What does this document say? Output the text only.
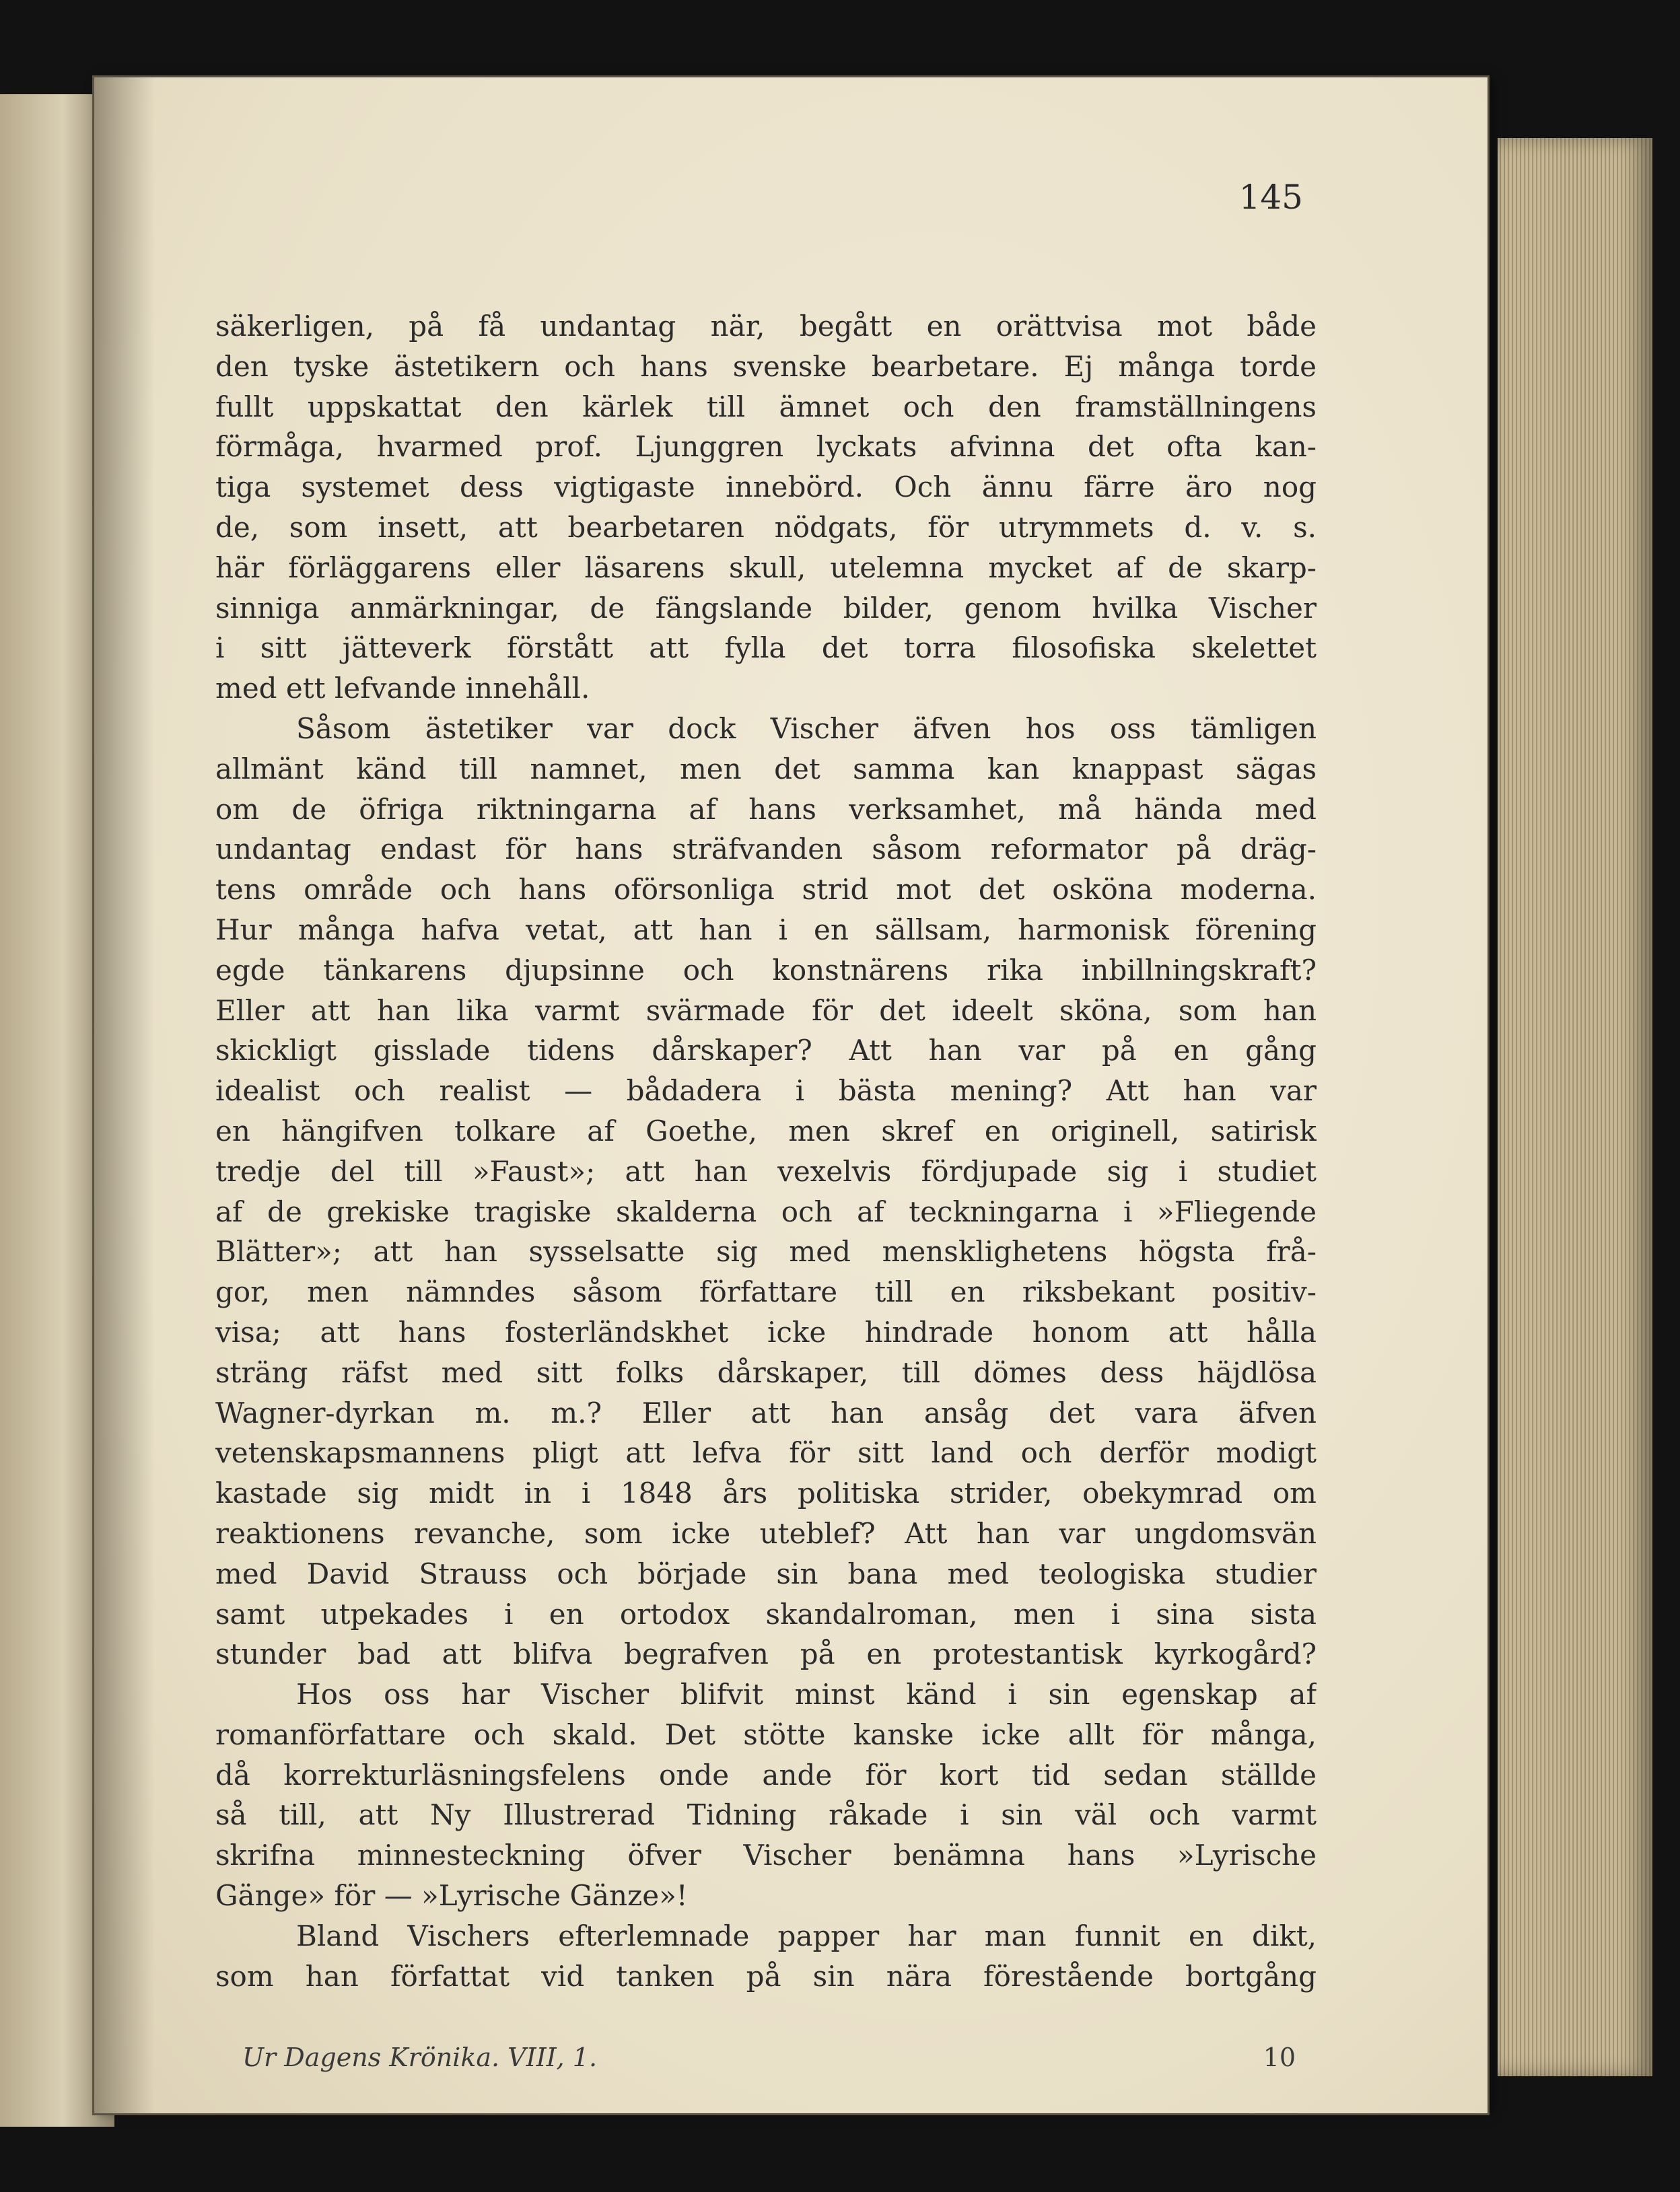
145
säkerligen, på få undantag när, begått en orättvisa mot både
den tyske ästetikern och hans svenske bearbetare. Ej många torde
fullt uppskattat den kärlek till ämnet och den framställningens
förmåga, hvarmed prof. Ljunggren lyckats afvinna det ofta kan-
tiga systemet dess vigtigaste innebörd. Och ännu färre äro nog
de, som insett, att bearbetaren nödgats, för utrymmets d. v. s.
här förläggarens eller läsarens skull, utelemna mycket af de skarp-
sinniga anmärkningar, de fängslande bilder, genom hvilka Vischer
i sitt jätteverk förstått att fylla det torra filosofiska skelettet
med ett lefvande innehåll.
Såsom ästetiker var dock Vischer äfven hos oss tämligen
allmänt känd till namnet, men det samma kan knappast sägas
om de öfriga riktningarna af hans verksamhet, må hända med
undantag endast för hans sträfvanden såsom reformator på dräg-
tens område och hans oförsonliga strid mot det osköna moderna.
Hur många hafva vetat, att han i en sällsam, harmonisk förening
egde tänkarens djupsinne och konstnärens rika inbillningskraft?
Eller att han lika varmt svärmade för det ideelt sköna, som han
skickligt gisslade tidens dårskaper? Att han var på en gång
idealist och realist — bådadera i bästa mening? Att han var
en hängifven tolkare af Goethe, men skref en originell, satirisk
tredje del till »Faust»; att han vexelvis fördjupade sig i studiet
af de grekiske tragiske skalderna och af teckningarna i »Fliegende
Blätter»; att han sysselsatte sig med mensklighetens högsta frå-
gor, men nämndes såsom författare till en riksbekant positiv-
visa; att hans fosterländskhet icke hindrade honom att hålla
sträng räfst med sitt folks dårskaper, till dömes dess häjdlösa
Wagner-dyrkan m. m.? Eller att han ansåg det vara äfven
vetenskapsmannens pligt att lefva för sitt land och derför modigt
kastade sig midt in i 1848 års politiska strider, obekymrad om
reaktionens revanche, som icke uteblef? Att han var ungdomsvän
med David Strauss och började sin bana med teologiska studier
samt utpekades i en ortodox skandalroman, men i sina sista
stunder bad att blifva begrafven på en protestantisk kyrkogård?
Hos oss har Vischer blifvit minst känd i sin egenskap af
romanförfattare och skald. Det stötte kanske icke allt för många,
då korrekturläsningsfelens onde ande för kort tid sedan ställde
så till, att Ny Illustrerad Tidning råkade i sin väl och varmt
skrifna minnesteckning öfver Vischer benämna hans »Lyrische
Gänge» för — »Lyrische Gänze»!
Bland Vischers efterlemnade papper har man funnit en dikt,
som han författat vid tanken på sin nära förestående bortgång
Ur Dagens Krönika. VIII, 1.	10
